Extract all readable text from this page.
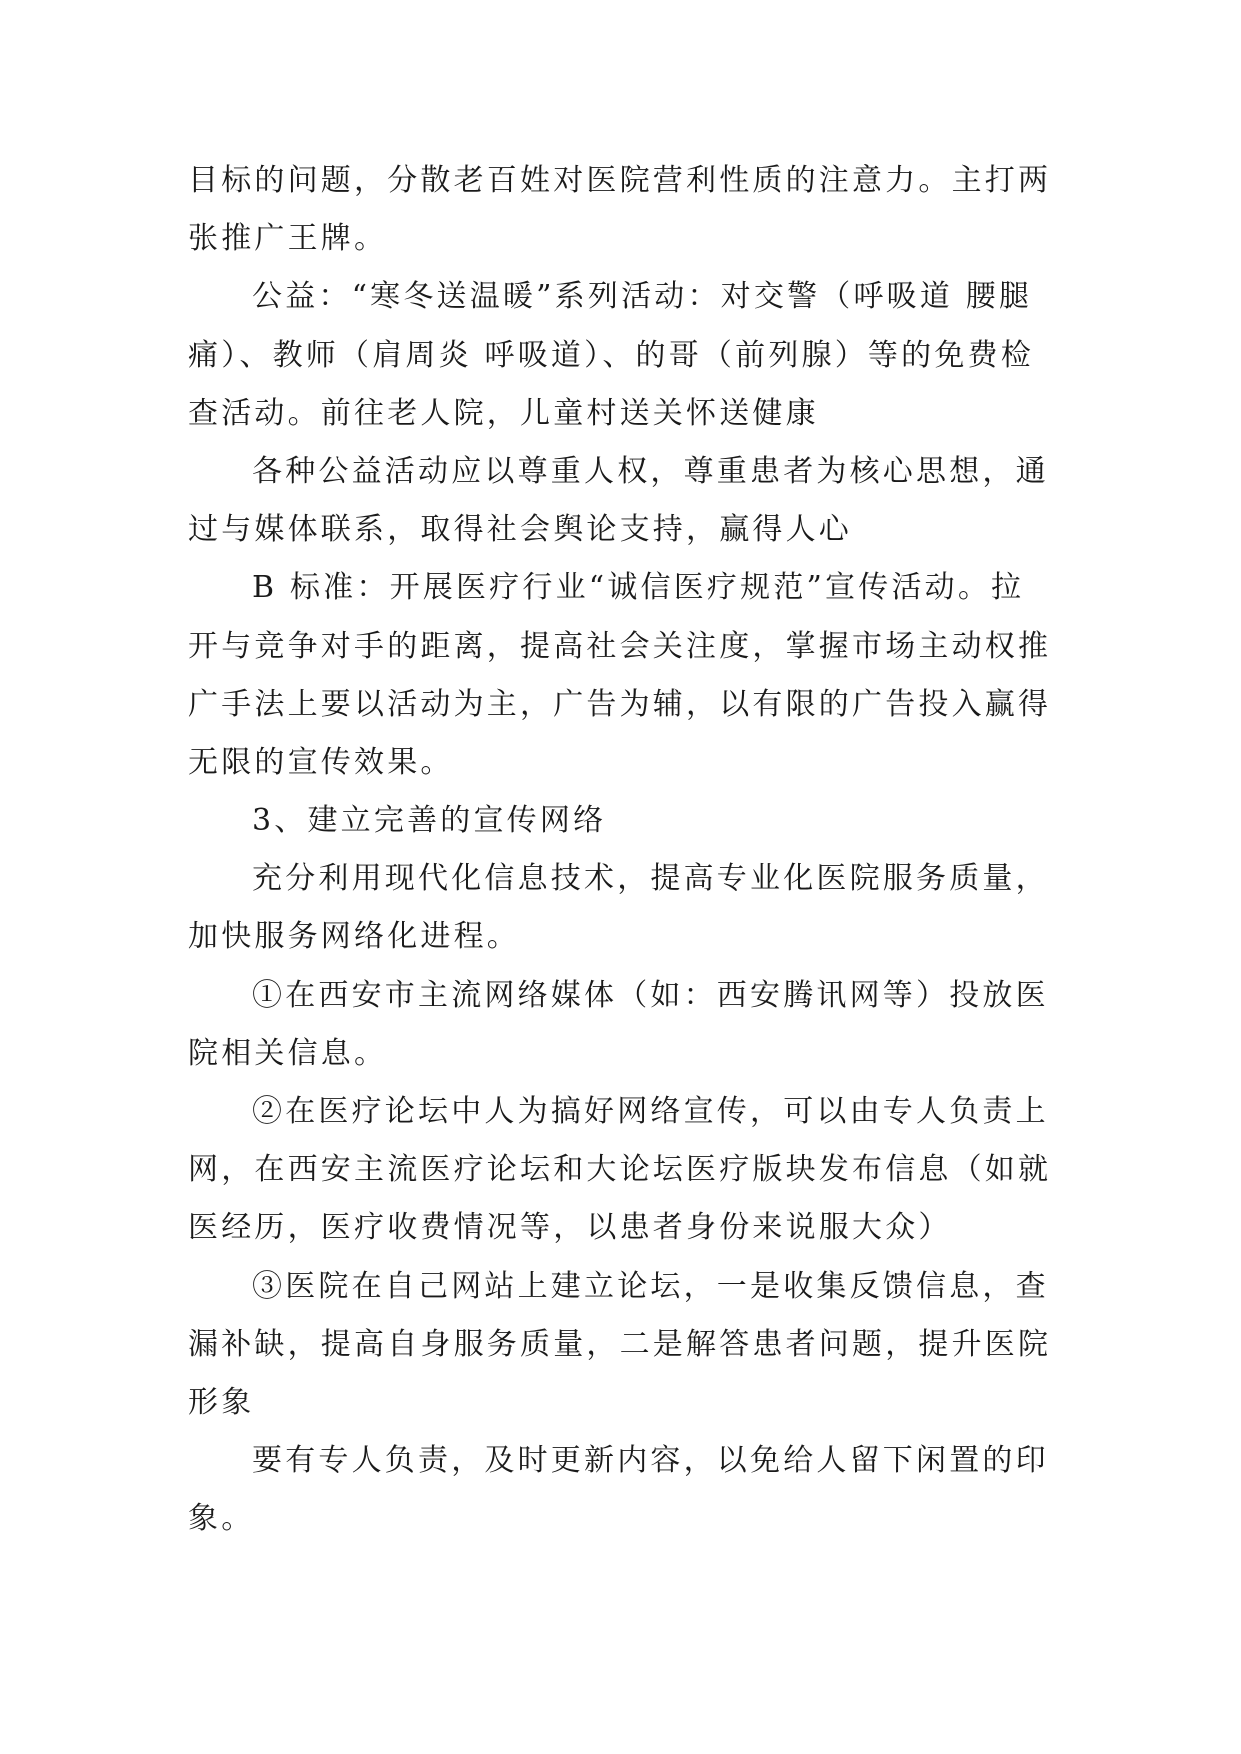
目标的问题，分散老百姓对医院营利性质的注意力。主打两
张推广王牌。
公益：“寒冬送温暖”系列活动：对交警（呼吸道 腰腿
痛）、教师（肩周炎 呼吸道）、的哥（前列腺）等的免费检
查活动。前往老人院，儿童村送关怀送健康
各种公益活动应以尊重人权，尊重患者为核心思想，通
过与媒体联系，取得社会舆论支持，赢得人心
B 标准：开展医疗行业“诚信医疗规范”宣传活动。拉
开与竞争对手的距离，提高社会关注度，掌握市场主动权推
广手法上要以活动为主，广告为辅，以有限的广告投入赢得
无限的宣传效果。
3、建立完善的宣传网络
充分利用现代化信息技术，提高专业化医院服务质量，
加快服务网络化进程。
①在西安市主流网络媒体（如：西安腾讯网等）投放医
院相关信息。
②在医疗论坛中人为搞好网络宣传，可以由专人负责上
网，在西安主流医疗论坛和大论坛医疗版块发布信息（如就
医经历，医疗收费情况等，以患者身份来说服大众）
③医院在自己网站上建立论坛，一是收集反馈信息，查
漏补缺，提高自身服务质量，二是解答患者问题，提升医院
形象
要有专人负责，及时更新内容，以免给人留下闲置的印
象。
